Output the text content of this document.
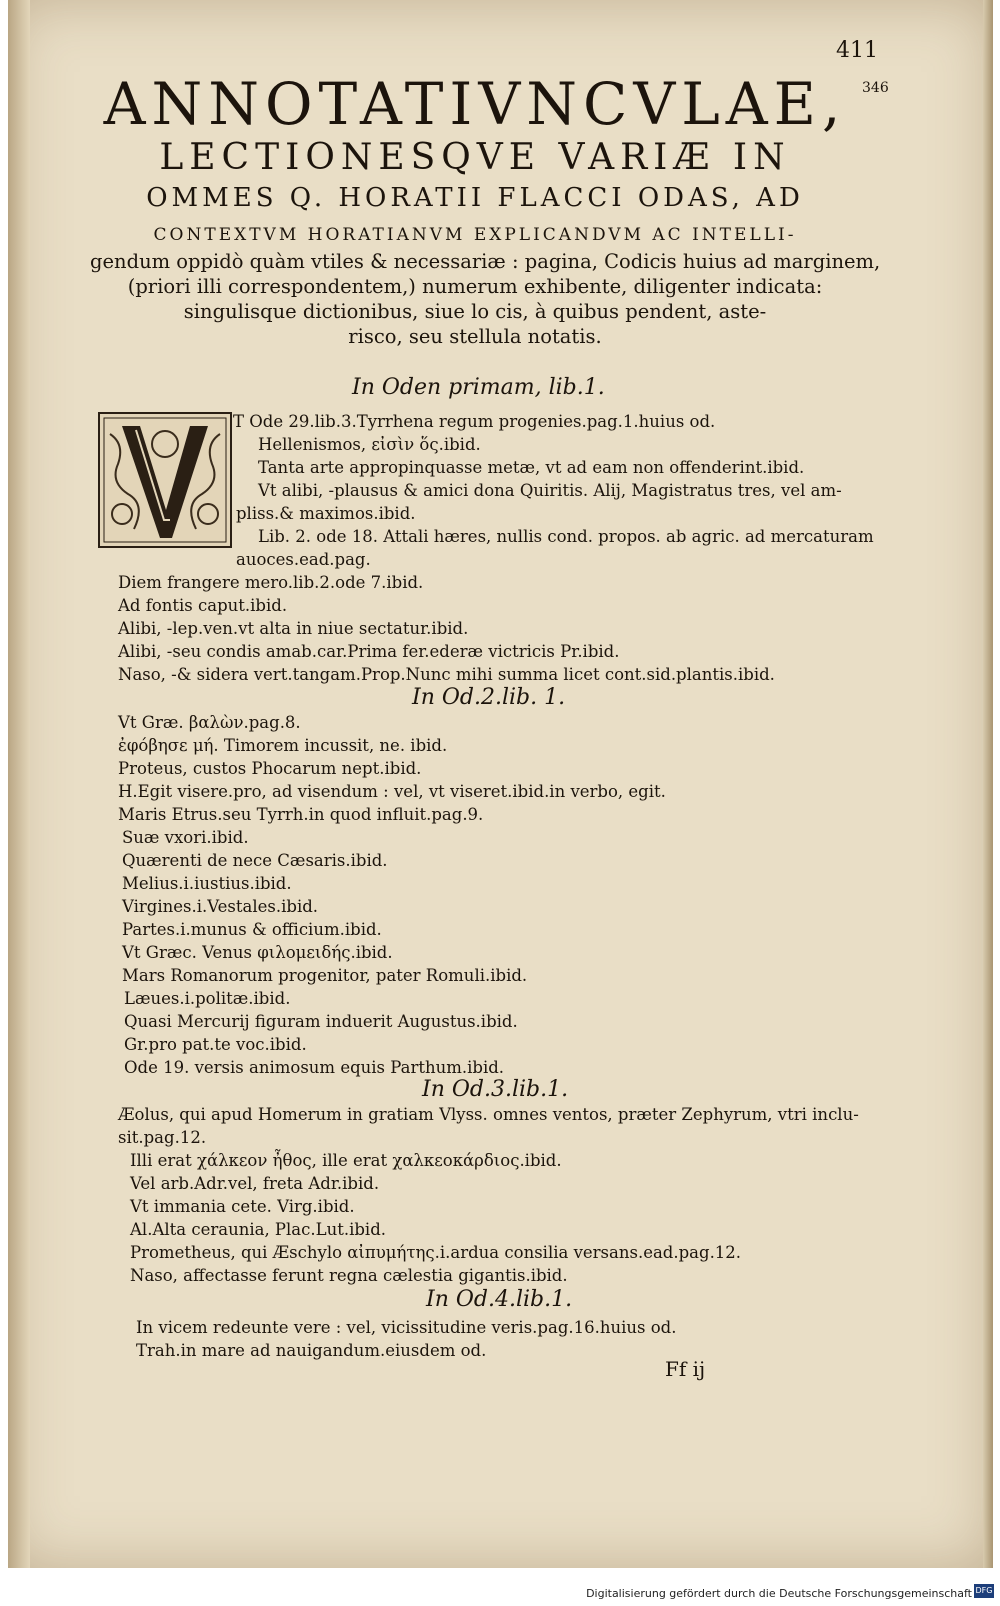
411
346
ANNOTATIVNCVLAE,
LECTIONESQVE VARIÆ IN
OMMES Q. HORATII FLACCI ODAS, AD
CONTEXTVM HORATIANVM EXPLICANDVM AC INTELLI-
gendum oppidò quàm vtiles & necessariæ : pagina, Codicis huius ad marginem,
(priori illi correspondentem,) numerum exhibente, diligenter indicata:
singulisque dictionibus, siue lo cis, à quibus pendent, aste-
risco, seu stellula notatis.
In Oden primam, lib.1.
T Ode 29.lib.3.Tyrrhena regum progenies.pag.1.huius od.
Hellenismos, εἰσὶν ὅς.ibid.
Tanta arte appropinquasse metæ, vt ad eam non offenderint.ibid.
Vt alibi, -plausus & amici dona Quiritis. Alij, Magistratus tres, vel am-
pliss.& maximos.ibid.
Lib. 2. ode 18. Attali hæres, nullis cond. propos. ab agric. ad mercaturam
auoces.ead.pag.
Diem frangere mero.lib.2.ode 7.ibid.
Ad fontis caput.ibid.
Alibi, -lep.ven.vt alta in niue sectatur.ibid.
Alibi, -seu condis amab.car.Prima fer.ederæ victricis Pr.ibid.
Naso, -& sidera vert.tangam.Prop.Nunc mihi summa licet cont.sid.plantis.ibid.
In Od.2.lib. 1.
Vt Græ. βαλὼν.pag.8.
ἐφόβησε μή. Timorem incussit, ne. ibid.
Proteus, custos Phocarum nept.ibid.
H.Egit visere.pro, ad visendum : vel, vt viseret.ibid.in verbo, egit.
Maris Etrus.seu Tyrrh.in quod influit.pag.9.
Suæ vxori.ibid.
Quærenti de nece Cæsaris.ibid.
Melius.i.iustius.ibid.
Virgines.i.Vestales.ibid.
Partes.i.munus & officium.ibid.
Vt Græc. Venus φιλομειδής.ibid.
Mars Romanorum progenitor, pater Romuli.ibid.
Læues.i.politæ.ibid.
Quasi Mercurij figuram induerit Augustus.ibid.
Gr.pro pat.te voc.ibid.
Ode 19. versis animosum equis Parthum.ibid.
In Od.3.lib.1.
Æolus, qui apud Homerum in gratiam Vlyss. omnes ventos, præter Zephyrum, vtri inclu-
sit.pag.12.
Illi erat χάλκεον ἦθος, ille erat χαλκεοκάρδιος.ibid.
Vel arb.Adr.vel, freta Adr.ibid.
Vt immania cete. Virg.ibid.
Al.Alta ceraunia, Plac.Lut.ibid.
Prometheus, qui Æschylo αἰπυμήτης.i.ardua consilia versans.ead.pag.12.
Naso, affectasse ferunt regna cælestia gigantis.ibid.
In Od.4.lib.1.
In vicem redeunte vere : vel, vicissitudine veris.pag.16.huius od.
Trah.in mare ad nauigandum.eiusdem od.
Ff ij
Digitalisierung gefördert durch die Deutsche Forschungsgemeinschaft DFG
